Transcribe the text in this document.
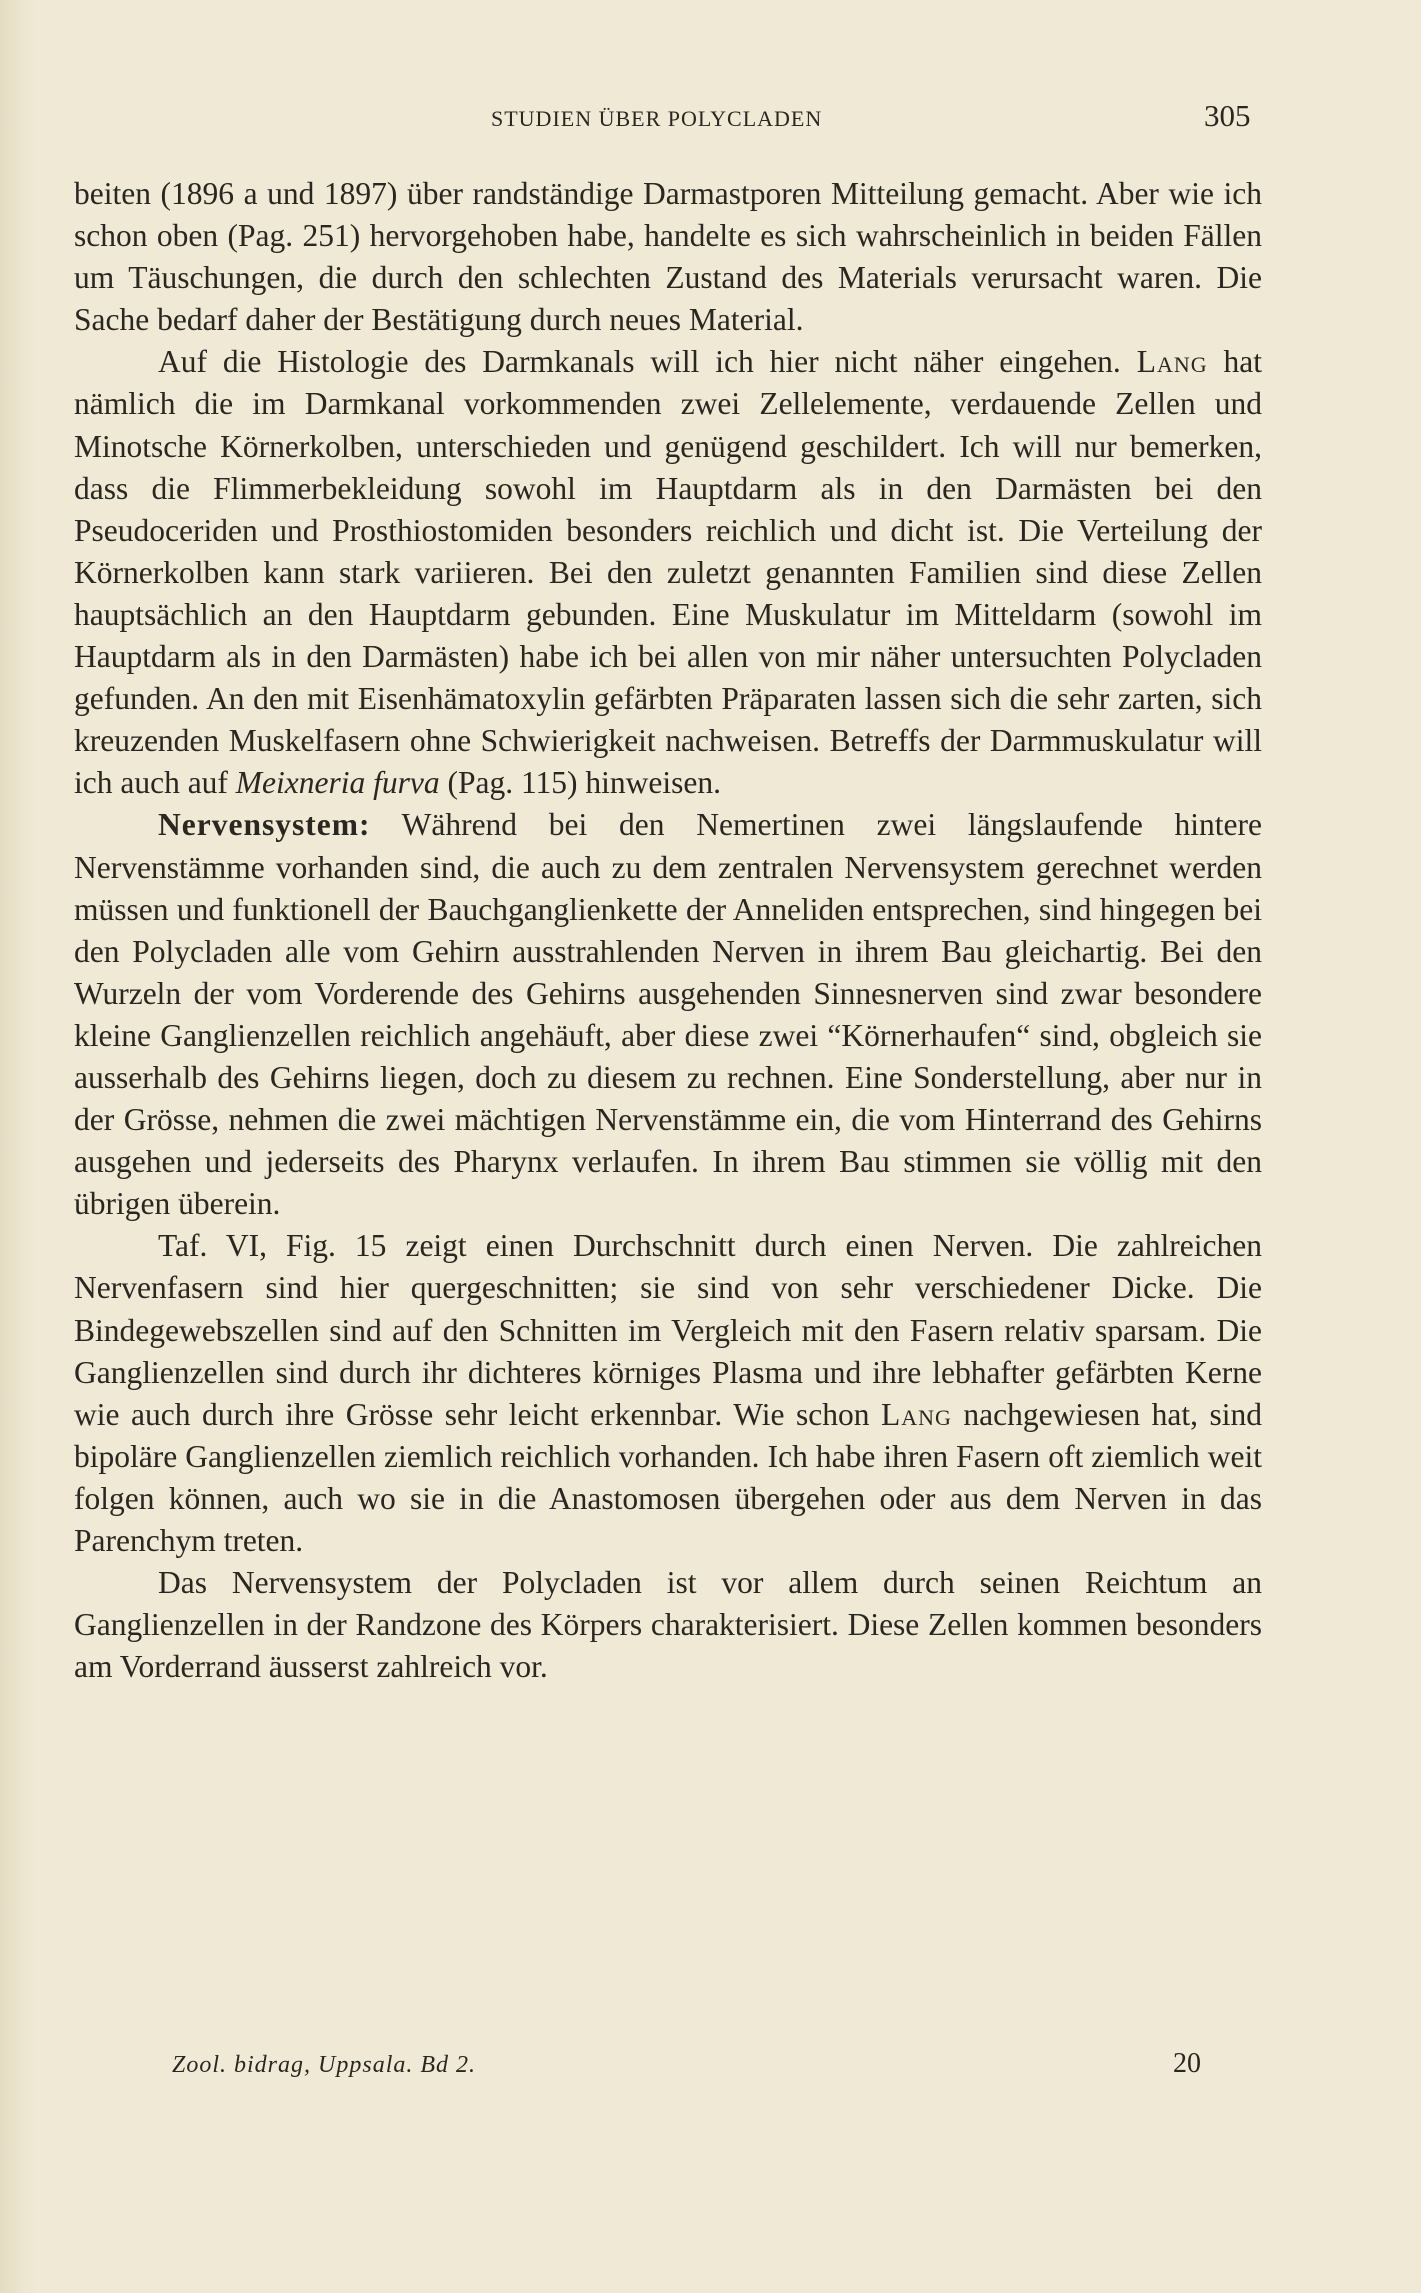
STUDIEN ÜBER POLYCLADEN	305

beiten (1896 a und 1897) über randständige Darmastporen Mitteilung gemacht. Aber wie ich schon oben (Pag. 251) hervorgehoben habe, handelte es sich wahrscheinlich in beiden Fällen um Täuschungen, die durch den schlechten Zustand des Materials verursacht waren. Die Sache bedarf daher der Bestätigung durch neues Material.

Auf die Histologie des Darmkanals will ich hier nicht näher eingehen. Lang hat nämlich die im Darmkanal vorkommenden zwei Zellelemente, verdauende Zellen und Minotsche Körnerkolben, unterschieden und genügend geschildert. Ich will nur bemerken, dass die Flimmerbekleidung sowohl im Hauptdarm als in den Darmästen bei den Pseudoceriden und Prosthiostomiden besonders reichlich und dicht ist. Die Verteilung der Körnerkolben kann stark variieren. Bei den zuletzt genannten Familien sind diese Zellen hauptsächlich an den Hauptdarm gebunden. Eine Muskulatur im Mitteldarm (sowohl im Hauptdarm als in den Darmästen) habe ich bei allen von mir näher untersuchten Polycladen gefunden. An den mit Eisenhämatoxylin gefärbten Präparaten lassen sich die sehr zarten, sich kreuzenden Muskelfasern ohne Schwierigkeit nachweisen. Betreffs der Darmmuskulatur will ich auch auf Meixneria furva (Pag. 115) hinweisen.

Nervensystem: Während bei den Nemertinen zwei längslaufende hintere Nervenstämme vorhanden sind, die auch zu dem zentralen Nervensystem gerechnet werden müssen und funktionell der Bauchganglienkette der Anneliden entsprechen, sind hingegen bei den Polycladen alle vom Gehirn ausstrahlenden Nerven in ihrem Bau gleichartig. Bei den Wurzeln der vom Vorderende des Gehirns ausgehenden Sinnesnerven sind zwar besondere kleine Ganglienzellen reichlich angehäuft, aber diese zwei “Körnerhaufen“ sind, obgleich sie ausserhalb des Gehirns liegen, doch zu diesem zu rechnen. Eine Sonderstellung, aber nur in der Grösse, nehmen die zwei mächtigen Nervenstämme ein, die vom Hinterrand des Gehirns ausgehen und jederseits des Pharynx verlaufen. In ihrem Bau stimmen sie völlig mit den übrigen überein.

Taf. VI, Fig. 15 zeigt einen Durchschnitt durch einen Nerven. Die zahlreichen Nervenfasern sind hier quergeschnitten; sie sind von sehr verschiedener Dicke. Die Bindegewebszellen sind auf den Schnitten im Vergleich mit den Fasern relativ sparsam. Die Ganglienzellen sind durch ihr dichteres körniges Plasma und ihre lebhafter gefärbten Kerne wie auch durch ihre Grösse sehr leicht erkennbar. Wie schon Lang nachgewiesen hat, sind bipoläre Ganglienzellen ziemlich reichlich vorhanden. Ich habe ihren Fasern oft ziemlich weit folgen können, auch wo sie in die Anastomosen übergehen oder aus dem Nerven in das Parenchym treten.

Das Nervensystem der Polycladen ist vor allem durch seinen Reichtum an Ganglienzellen in der Randzone des Körpers charakterisiert. Diese Zellen kommen besonders am Vorderrand äusserst zahlreich vor.

Zool. bidrag, Uppsala. Bd 2.	20
